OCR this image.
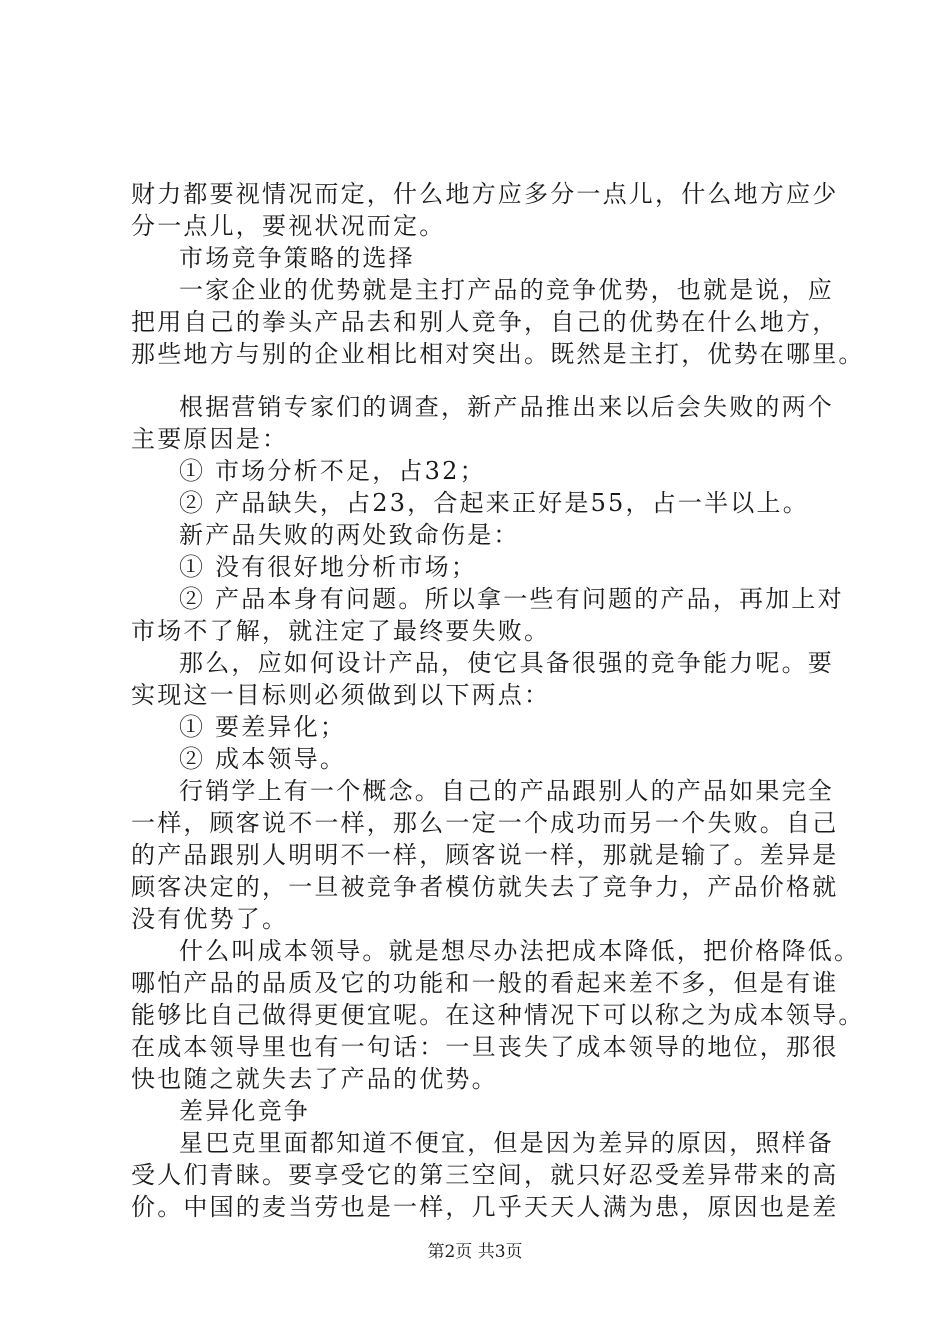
财力都要视情况而定，什么地方应多分一点儿，什么地方应少
分一点儿，要视状况而定。
市场竞争策略的选择
一家企业的优势就是主打产品的竞争优势，也就是说，应
把用自己的拳头产品去和别人竞争，自己的优势在什么地方，
那些地方与别的企业相比相对突出。既然是主打，优势在哪里。
根据营销专家们的调查，新产品推出来以后会失败的两个
主要原因是：
① 市场分析不足，占32；
② 产品缺失，占23，合起来正好是55，占一半以上。
新产品失败的两处致命伤是：
① 没有很好地分析市场；
② 产品本身有问题。所以拿一些有问题的产品，再加上对
市场不了解，就注定了最终要失败。
那么，应如何设计产品，使它具备很强的竞争能力呢。要
实现这一目标则必须做到以下两点：
① 要差异化；
② 成本领导。
行销学上有一个概念。自己的产品跟别人的产品如果完全
一样，顾客说不一样，那么一定一个成功而另一个失败。自己
的产品跟别人明明不一样，顾客说一样，那就是输了。差异是
顾客决定的，一旦被竞争者模仿就失去了竞争力，产品价格就
没有优势了。
什么叫成本领导。就是想尽办法把成本降低，把价格降低。
哪怕产品的品质及它的功能和一般的看起来差不多，但是有谁
能够比自己做得更便宜呢。在这种情况下可以称之为成本领导。
在成本领导里也有一句话：一旦丧失了成本领导的地位，那很
快也随之就失去了产品的优势。
差异化竞争
星巴克里面都知道不便宜，但是因为差异的原因，照样备
受人们青睐。要享受它的第三空间，就只好忍受差异带来的高
价。中国的麦当劳也是一样，几乎天天人满为患，原因也是差
第2页 共3页
